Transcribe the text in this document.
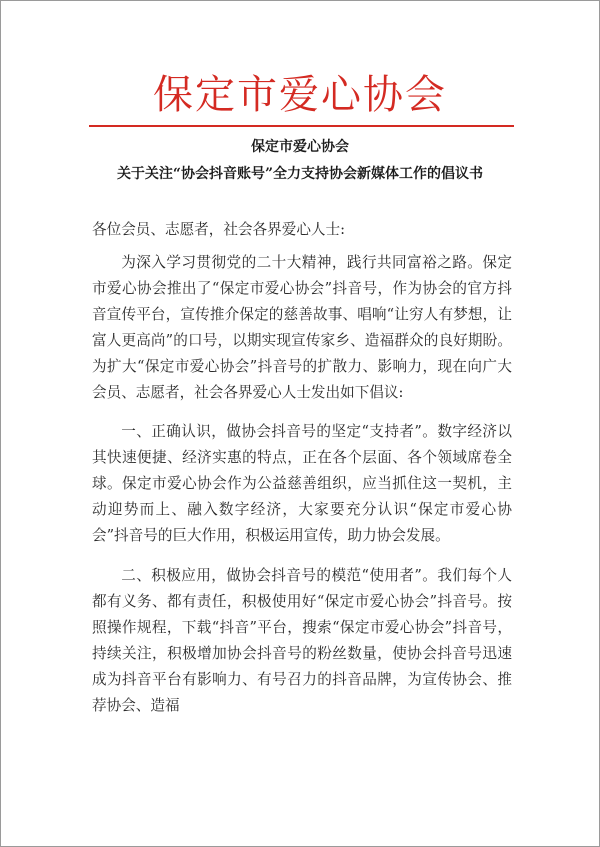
保定市爱心协会
保定市爱心协会
关于关注“协会抖音账号”全力支持协会新媒体工作的倡议书

各位会员、志愿者，社会各界爱心人士:

为深入学习贯彻党的二十大精神，践行共同富裕之路。保定市爱心协会推出了“保定市爱心协会”抖音号，作为协会的官方抖音宣传平台，宣传推介保定的慈善故事、唱响“让穷人有梦想，让富人更高尚”的口号，以期实现宣传家乡、造福群众的良好期盼。为扩大“保定市爱心协会”抖音号的扩散力、影响力，现在向广大会员、志愿者，社会各界爱心人士发出如下倡议:

一、正确认识，做协会抖音号的坚定“支持者”。数字经济以其快速便捷、经济实惠的特点，正在各个层面、各个领域席卷全球。保定市爱心协会作为公益慈善组织，应当抓住这一契机，主动迎势而上、融入数字经济，大家要充分认识“保定市爱心协会”抖音号的巨大作用，积极运用宣传，助力协会发展。

二、积极应用，做协会抖音号的模范“使用者”。我们每个人都有义务、都有责任，积极使用好“保定市爱心协会”抖音号。按照操作规程，下载“抖音”平台，搜索“保定市爱心协会”抖音号，持续关注，积极增加协会抖音号的粉丝数量，使协会抖音号迅速成为抖音平台有影响力、有号召力的抖音品牌，为宣传协会、推荐协会、造福
